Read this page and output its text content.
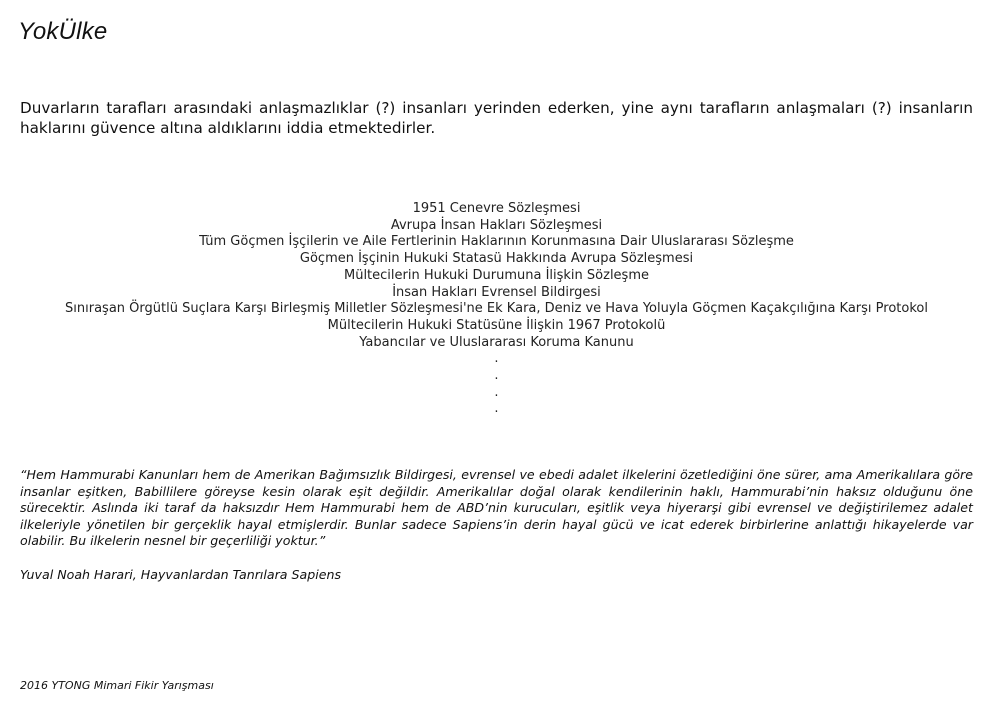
YokÜlke

Duvarların tarafları arasındaki anlaşmazlıklar (?) insanları yerinden ederken, yine aynı tarafların anlaşmaları (?) insanların haklarını güvence altına aldıklarını iddia etmektedirler.

1951 Cenevre Sözleşmesi
Avrupa İnsan Hakları Sözleşmesi
Tüm Göçmen İşçilerin ve Aile Fertlerinin Haklarının Korunmasına Dair Uluslararası Sözleşme
Göçmen İşçinin Hukuki Statasü Hakkında Avrupa Sözleşmesi
Mültecilerin Hukuki Durumuna İlişkin Sözleşme
İnsan Hakları Evrensel Bildirgesi
Sınıraşan Örgütlü Suçlara Karşı Birleşmiş Milletler Sözleşmesi'ne Ek Kara, Deniz ve Hava Yoluyla Göçmen Kaçakçılığına Karşı Protokol
Mültecilerin Hukuki Statüsüne İlişkin 1967 Protokolü
Yabancılar ve Uluslararası Koruma Kanunu
.
.
.
.

“Hem Hammurabi Kanunları hem de Amerikan Bağımsızlık Bildirgesi, evrensel ve ebedi adalet ilkelerini özetlediğini öne sürer, ama Amerikalılara göre insanlar eşitken, Babillilere göreyse kesin olarak eşit değildir. Amerikalılar doğal olarak kendilerinin haklı, Hammurabi’nin haksız olduğunu öne sürecektir. Aslında iki taraf da haksızdır Hem Hammurabi hem de ABD’nin kurucuları, eşitlik veya hiyerarşi gibi evrensel ve değiştirilemez adalet ilkeleriyle yönetilen bir gerçeklik hayal etmişlerdir. Bunlar sadece Sapiens’in derin hayal gücü ve icat ederek birbirlerine anlattığı hikayelerde var olabilir. Bu ilkelerin nesnel bir geçerliliği yoktur.”

Yuval Noah Harari, Hayvanlardan Tanrılara Sapiens
2016 YTONG Mimari Fikir Yarışması
